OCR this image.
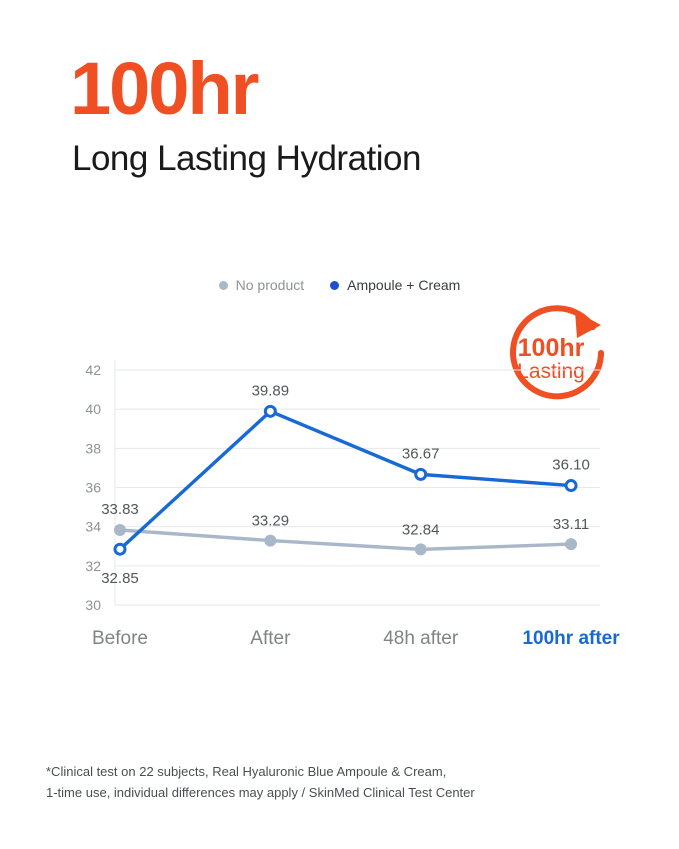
100hr
Long Lasting Hydration
No product	Ampoule + Cream
100hr
Lasting
30
32
34
36
38
40
42
33.83
33.29
32.84	33.11
32.85
39.89
36.67
36.10
Before	After	48h after	100hr after
*Clinical test on 22 subjects, Real Hyaluronic Blue Ampoule & Cream,
1-time use, individual differences may apply / SkinMed Clinical Test Center
